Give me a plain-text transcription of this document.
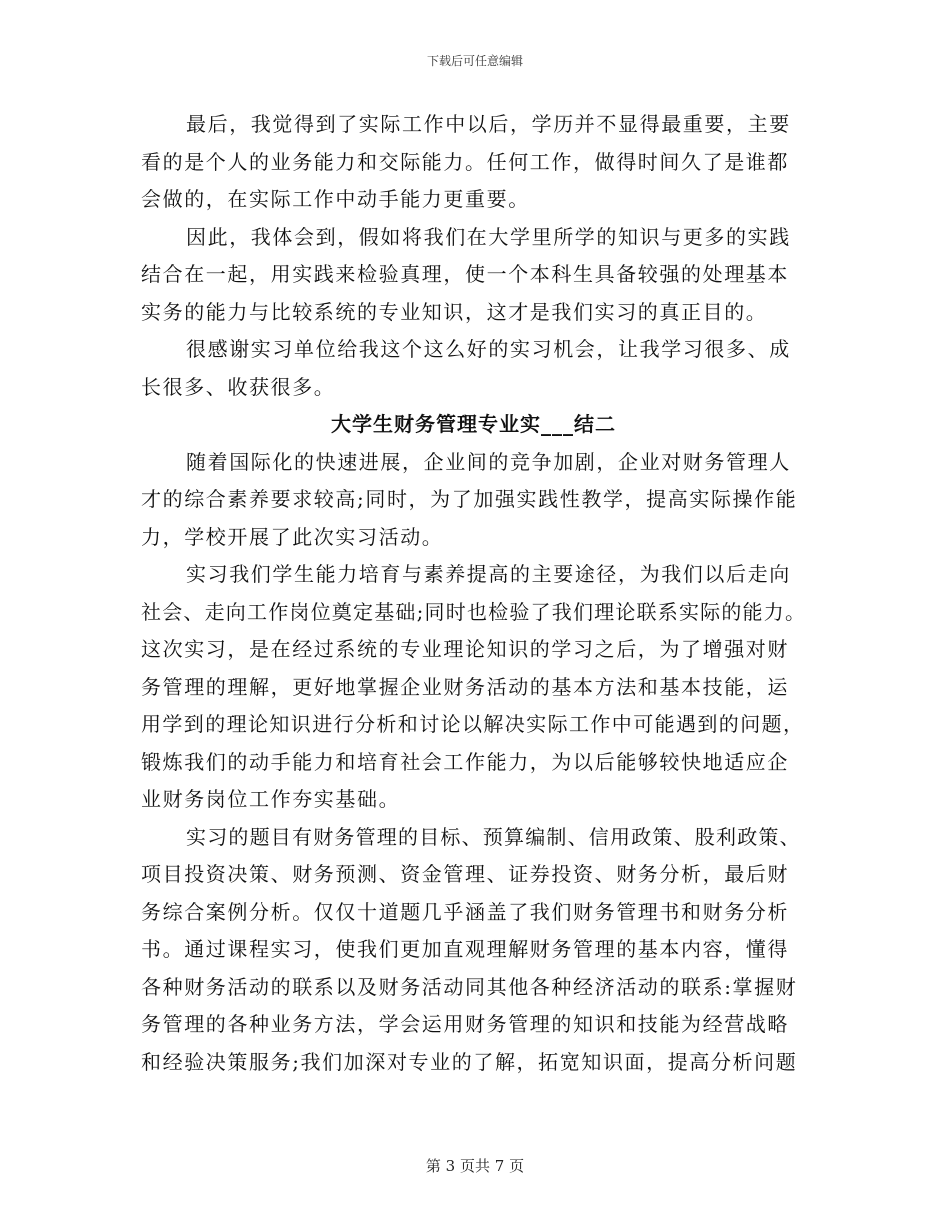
下载后可任意编辑
最后，我觉得到了实际工作中以后，学历并不显得最重要，主要
看的是个人的业务能力和交际能力。任何工作，做得时间久了是谁都
会做的，在实际工作中动手能力更重要。
因此，我体会到，假如将我们在大学里所学的知识与更多的实践
结合在一起，用实践来检验真理，使一个本科生具备较强的处理基本
实务的能力与比较系统的专业知识，这才是我们实习的真正目的。
很感谢实习单位给我这个这么好的实习机会，让我学习很多、成
长很多、收获很多。
大学生财务管理专业实___结二
随着国际化的快速进展，企业间的竞争加剧，企业对财务管理人
才的综合素养要求较高;同时，为了加强实践性教学，提高实际操作能
力，学校开展了此次实习活动。
实习我们学生能力培育与素养提高的主要途径，为我们以后走向
社会、走向工作岗位奠定基础;同时也检验了我们理论联系实际的能力。
这次实习，是在经过系统的专业理论知识的学习之后，为了增强对财
务管理的理解，更好地掌握企业财务活动的基本方法和基本技能，运
用学到的理论知识进行分析和讨论以解决实际工作中可能遇到的问题，
锻炼我们的动手能力和培育社会工作能力，为以后能够较快地适应企
业财务岗位工作夯实基础。
实习的题目有财务管理的目标、预算编制、信用政策、股利政策、
项目投资决策、财务预测、资金管理、证券投资、财务分析，最后财
务综合案例分析。仅仅十道题几乎涵盖了我们财务管理书和财务分析
书。通过课程实习，使我们更加直观理解财务管理的基本内容，懂得
各种财务活动的联系以及财务活动同其他各种经济活动的联系:掌握财
务管理的各种业务方法，学会运用财务管理的知识和技能为经营战略
和经验决策服务;我们加深对专业的了解，拓宽知识面，提高分析问题
第 3 页共 7 页
